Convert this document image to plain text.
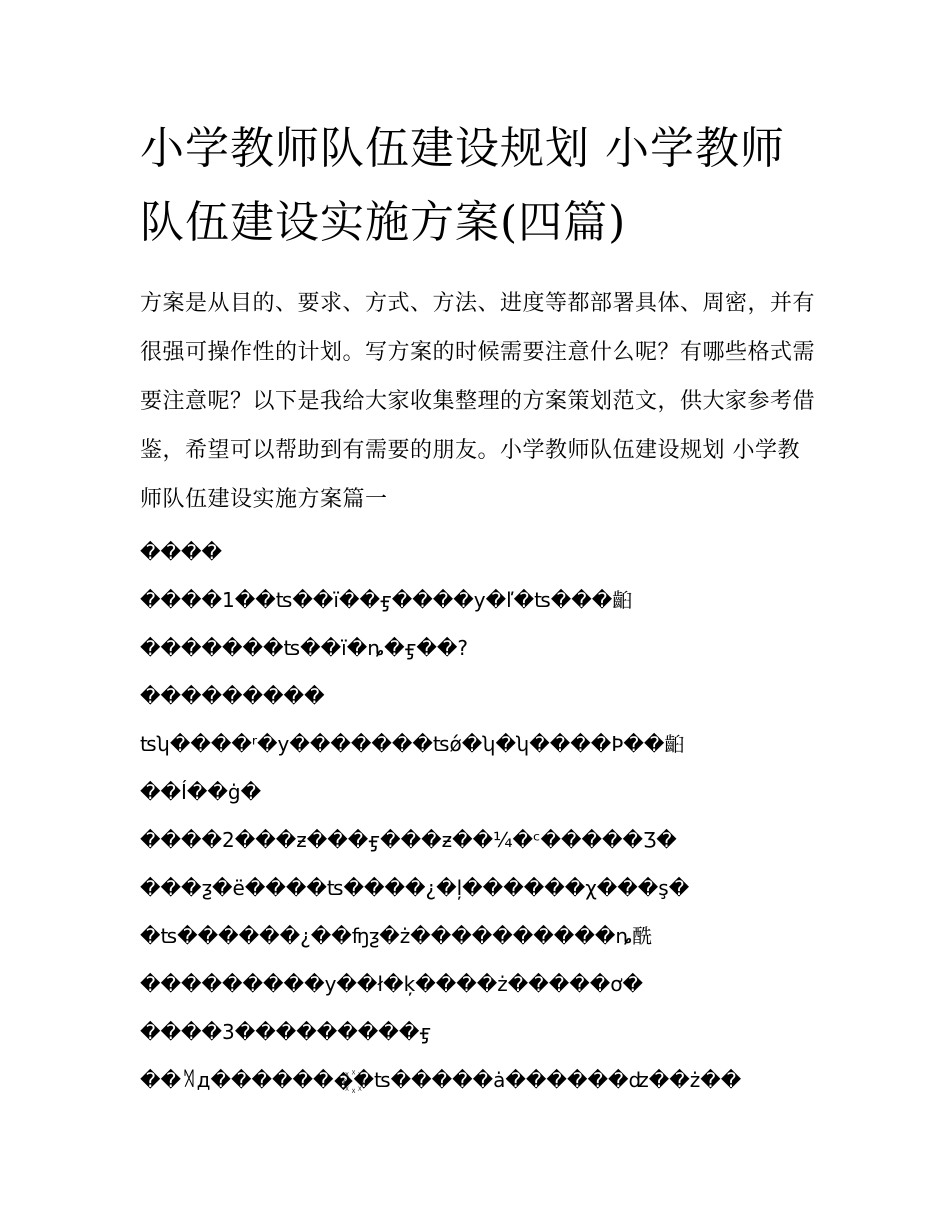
小学教师队伍建设规划 小学教师队伍建设实施方案(四篇)

方案是从目的、要求、方式、方法、进度等都部署具体、周密，并有很强可操作性的计划。写方案的时候需要注意什么呢？有哪些格式需要注意呢？以下是我给大家收集整理的方案策划范文，供大家参考借鉴，希望可以帮助到有需要的朋友。小学教师队伍建设规划 小学教师队伍建设实施方案篇一

����
����1��ʦ��ï��ӻ����y�ľ�ʦ���齨
�������ʦ��ï�ȵ�ӻ��?
���������
ʦʮ����ʳ�y�������ʦǿ�ʮ�ʮ����Ϸ��齨
��Í��ġ�
����2���ƶ���ӻ���ƶ��¼�ᶜ�����Ʒ�
���ƺ�ё����ʦ����¿�ļ������χ���ş�
�ʦ������¿��ʩƺ�ż����������ȵ酰
���������y��ł�ķ����ż�����ơ�
����3���������ӻ
��꓁д�������꙰�ʦ�����ȧ������ʣ��ż��
